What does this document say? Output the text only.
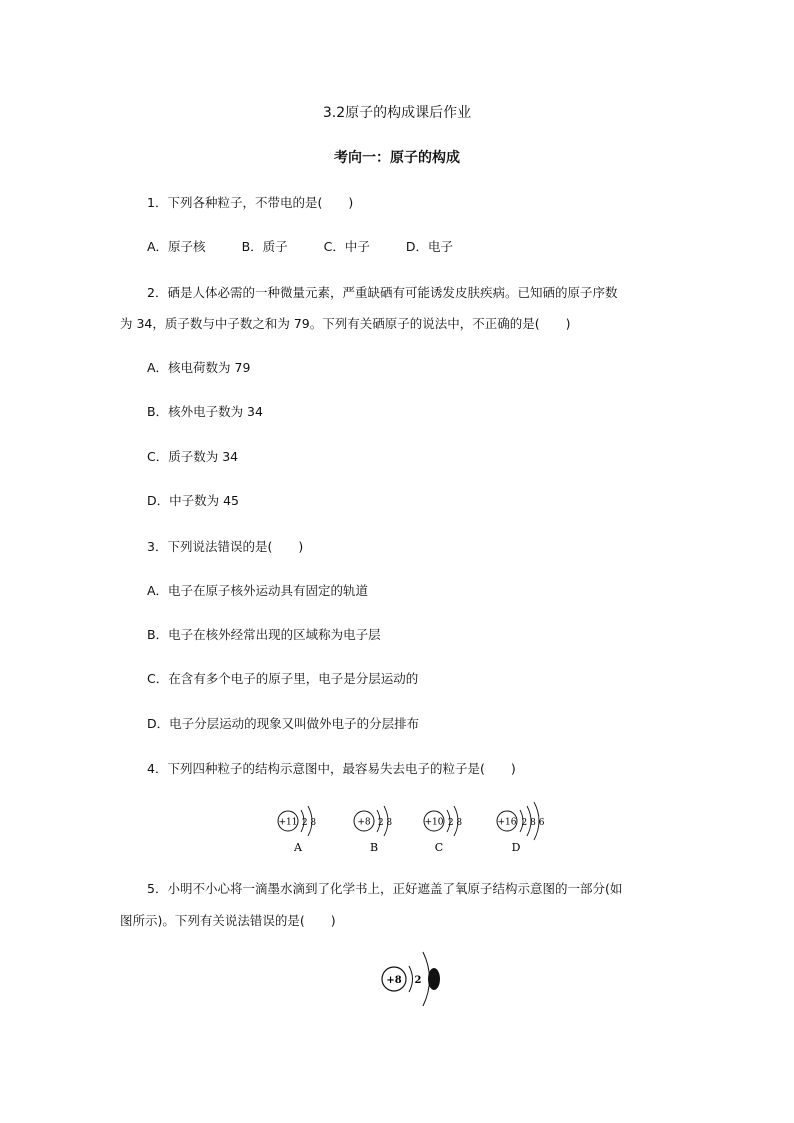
3.2原子的构成课后作业
考向一：原子的构成
1．下列各种粒子，不带电的是( )
A．原子核	B．质子	C．中子	D．电子
2．硒是人体必需的一种微量元素，严重缺硒有可能诱发皮肤疾病。已知硒的原子序数
为 34，质子数与中子数之和为 79。下列有关硒原子的说法中，不正确的是( )
A．核电荷数为 79
B．核外电子数为 34
C．质子数为 34
D．中子数为 45
3．下列说法错误的是( )
A．电子在原子核外运动具有固定的轨道
B．电子在核外经常出现的区域称为电子层
C．在含有多个电子的原子里，电子是分层运动的
D．电子分层运动的现象又叫做外电子的分层排布
4．下列四种粒子的结构示意图中，最容易失去电子的粒子是( )
+11 2 8
A
+8 2 8
B
+10 2 8
C
+16 2 8 6
D
5．小明不小心将一滴墨水滴到了化学书上，正好遮盖了氧原子结构示意图的一部分(如
图所示)。下列有关说法错误的是( )
+8 2
